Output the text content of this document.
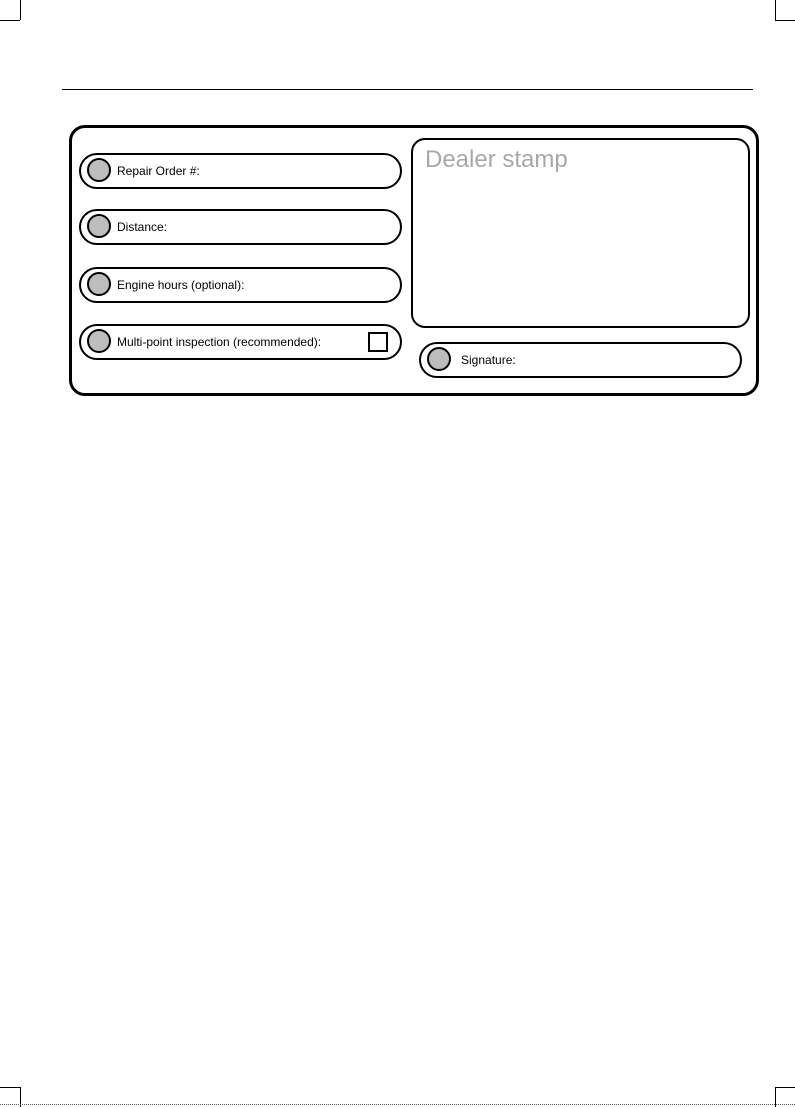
Repair Order #:
Distance:
Engine hours (optional):
Multi-point inspection (recommended):
Dealer stamp
Signature:
